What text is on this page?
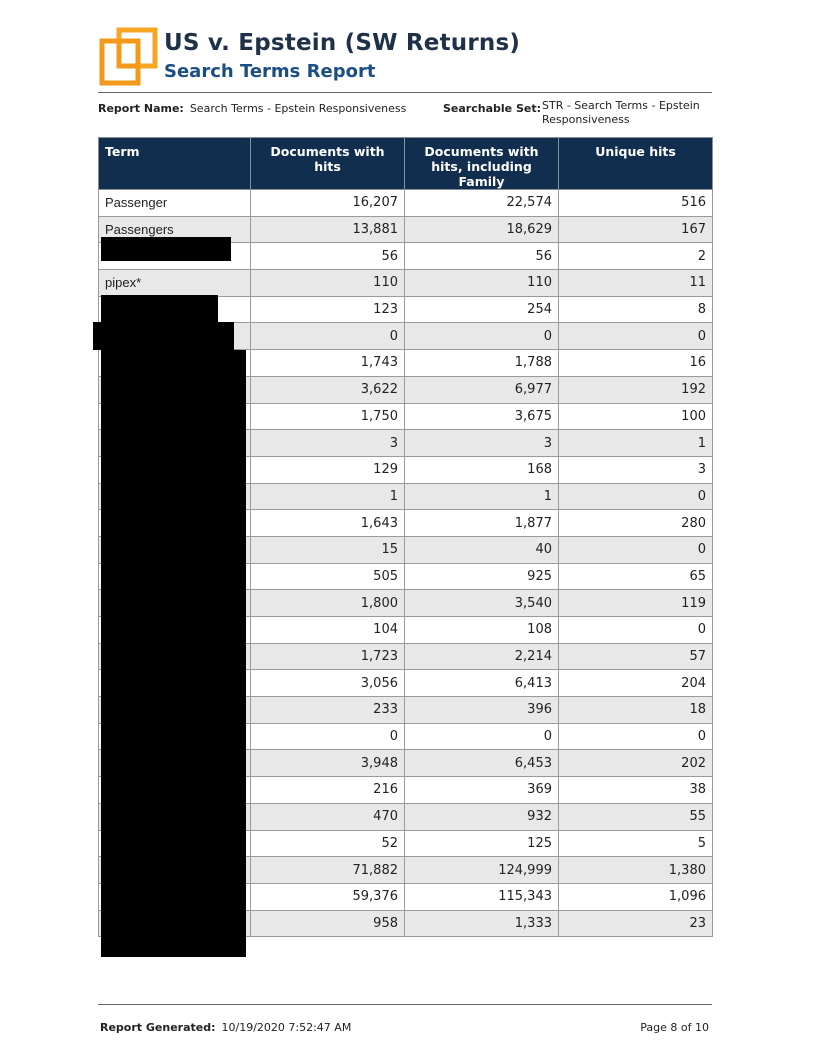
US v. Epstein (SW Returns)
Search Terms Report
Report Name: Search Terms - Epstein Responsiveness	Searchable Set: STR - Search Terms - Epstein Responsiveness
Term	Documents with hits	Documents with hits, including Family	Unique hits
Passenger	16,207	22,574	516
Passengers	13,881	18,629	167
	56	56	2
pipex*	110	110	11
	123	254	8
	0	0	0
	1,743	1,788	16
	3,622	6,977	192
	1,750	3,675	100
	3	3	1
	129	168	3
	1	1	0
	1,643	1,877	280
	15	40	0
	505	925	65
	1,800	3,540	119
	104	108	0
	1,723	2,214	57
	3,056	6,413	204
	233	396	18
	0	0	0
	3,948	6,453	202
	216	369	38
	470	932	55
	52	125	5
	71,882	124,999	1,380
	59,376	115,343	1,096
	958	1,333	23
Report Generated: 10/19/2020 7:52:47 AM	Page 8 of 10
